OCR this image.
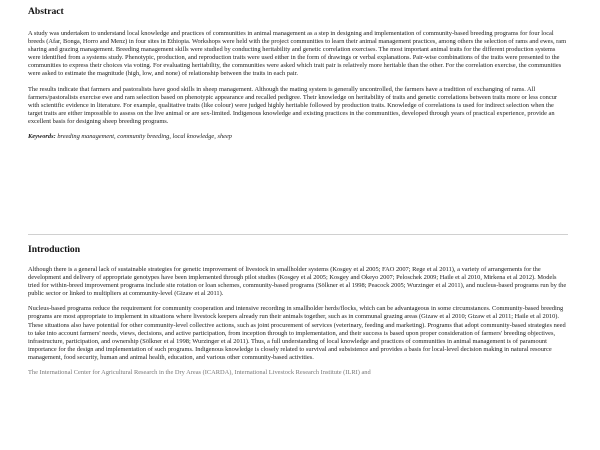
Abstract

A study was undertaken to understand local knowledge and practices of communities in animal management as a step in designing and implementation of community-based breeding programs for four local breeds (Afar, Bonga, Horro and Menz) in four sites in Ethiopia. Workshops were held with the project communities to learn their animal management practices, among others the selection of rams and ewes, ram sharing and grazing management. Breeding management skills were studied by conducting heritability and genetic correlation exercises. The most important animal traits for the different production systems were identified from a systems study. Phenotypic, production, and reproduction traits were used either in the form of drawings or verbal explanations. Pair-wise combinations of the traits were presented to the communities to express their choices via voting. For evaluating heritability, the communities were asked which trait pair is relatively more heritable than the other. For the correlation exercise, the communities were asked to estimate the magnitude (high, low, and none) of relationship between the traits in each pair.

The results indicate that farmers and pastoralists have good skills in sheep management. Although the mating system is generally uncontrolled, the farmers have a tradition of exchanging of rams. All farmers/pastoralists exercise ewe and ram selection based on phenotypic appearance and recalled pedigree. Their knowledge on heritability of traits and genetic correlations between traits more or less concur with scientific evidence in literature. For example, qualitative traits (like colour) were judged highly heritable followed by production traits. Knowledge of correlations is used for indirect selection when the target traits are either impossible to assess on the live animal or are sex-limited. Indigenous knowledge and existing practices in the communities, developed through years of practical experience, provide an excellent basis for designing sheep breeding programs.

Keywords: breeding management, community breeding, local knowledge, sheep
Introduction

Although there is a general lack of sustainable strategies for genetic improvement of livestock in smallholder systems (Kosgey et al 2005; FAO 2007; Rege et al 2011), a variety of arrangements for the development and delivery of appropriate genotypes have been implemented through pilot studies (Kosgey et al 2005; Kosgey and Okeyo 2007; Peloschek 2009; Haile et al 2010, Mirkena et al 2012). Models tried for within-breed improvement programs include site rotation or loan schemes, community-based programs (Sölkner et al 1998; Peacock 2005; Wurzinger et al 2011), and nucleus-based programs run by the public sector or linked to multipliers at community-level (Gizaw et al 2011).

Nucleus-based programs reduce the requirement for community cooperation and intensive recording in smallholder herds/flocks, which can be advantageous in some circumstances. Community-based breeding programs are most appropriate to implement in situations where livestock keepers already run their animals together, such as in communal grazing areas (Gizaw et al 2010; Gizaw et al 2011; Haile et al 2010). These situations also have potential for other community-level collective actions, such as joint procurement of services (veterinary, feeding and marketing). Programs that adopt community-based strategies need to take into account farmers' needs, views, decisions, and active participation, from inception through to implementation, and their success is based upon proper consideration of farmers' breeding objectives, infrastructure, participation, and ownership (Sölkner et al 1998; Wurzinger et al 2011). Thus, a full understanding of local knowledge and practices of communities in animal management is of paramount importance for the design and implementation of such programs. Indigenous knowledge is closely related to survival and subsistence and provides a basis for local-level decision making in natural resource management, food security, human and animal health, education, and various other community-based activities.

The International Center for Agricultural Research in the Dry Areas (ICARDA), International Livestock Research Institute (ILRI) and
